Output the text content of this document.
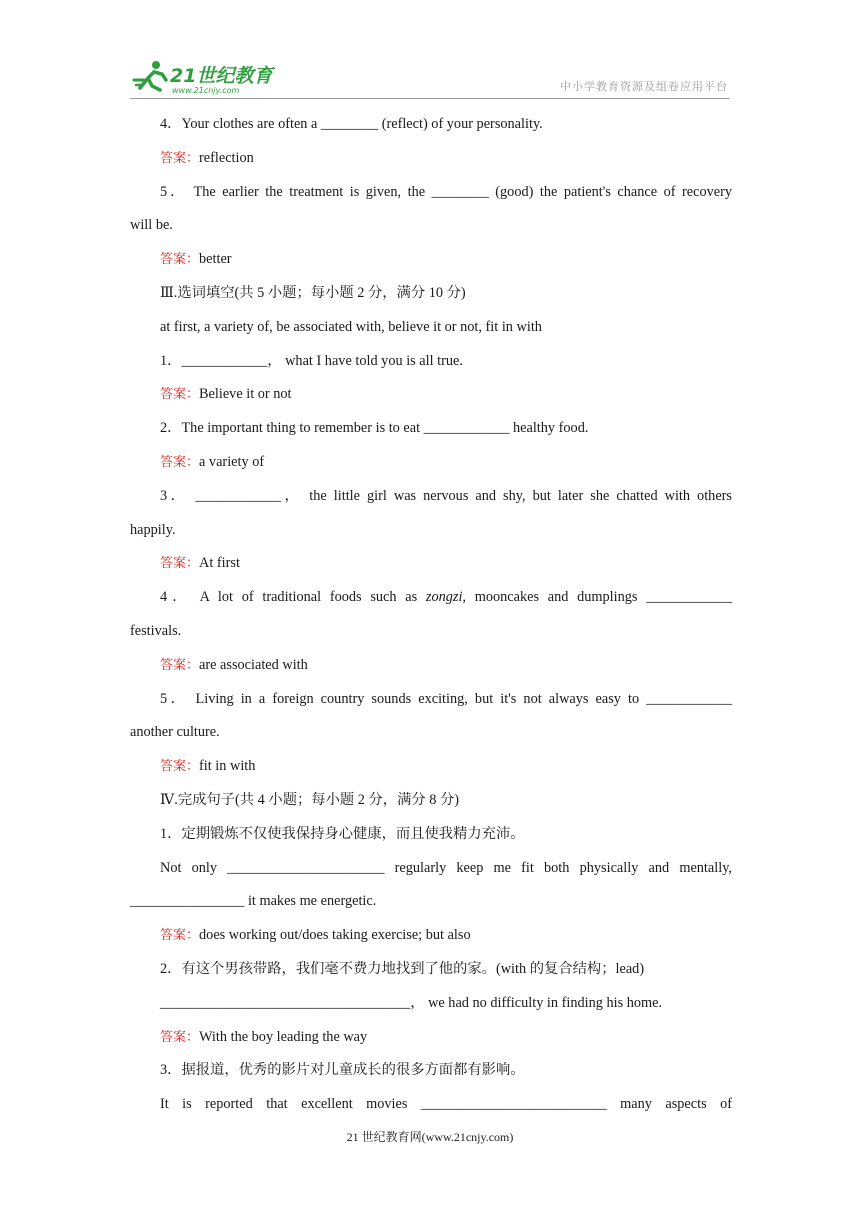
21世纪教育
www.21cnjy.com	中小学教育资源及组卷应用平台
4．Your clothes are often a ________ (reflect) of your personality.
答案：reflection
5． The earlier the treatment is given, the ________ (good) the patient's chance of recovery
will be.
答案：better
Ⅲ.选词填空(共 5 小题；每小题 2 分，满分 10 分)
at first, a variety of, be associated with, believe it or not, fit in with
1．____________， what I have told you is all true.
答案：Believe it or not
2．The important thing to remember is to eat ____________ healthy food.
答案：a variety of
3． ____________， the little girl was nervous and shy, but later she chatted with others
happily.
答案：At first
4． A lot of traditional foods such as zongzi, mooncakes and dumplings ____________
festivals.
答案：are associated with
5． Living in a foreign country sounds exciting, but it's not always easy to ____________
another culture.
答案：fit in with
Ⅳ.完成句子(共 4 小题；每小题 2 分，满分 8 分)
1．定期锻炼不仅使我保持身心健康，而且使我精力充沛。
Not only ______________________ regularly keep me fit both physically and mentally,
________________ it makes me energetic.
答案：does working out/does taking exercise; but also
2．有这个男孩带路，我们毫不费力地找到了他的家。(with 的复合结构；lead)
___________________________________， we had no difficulty in finding his home.
答案：With the boy leading the way
3．据报道，优秀的影片对儿童成长的很多方面都有影响。
It is reported that excellent movies __________________________ many aspects of
21 世纪教育网(www.21cnjy.com)
